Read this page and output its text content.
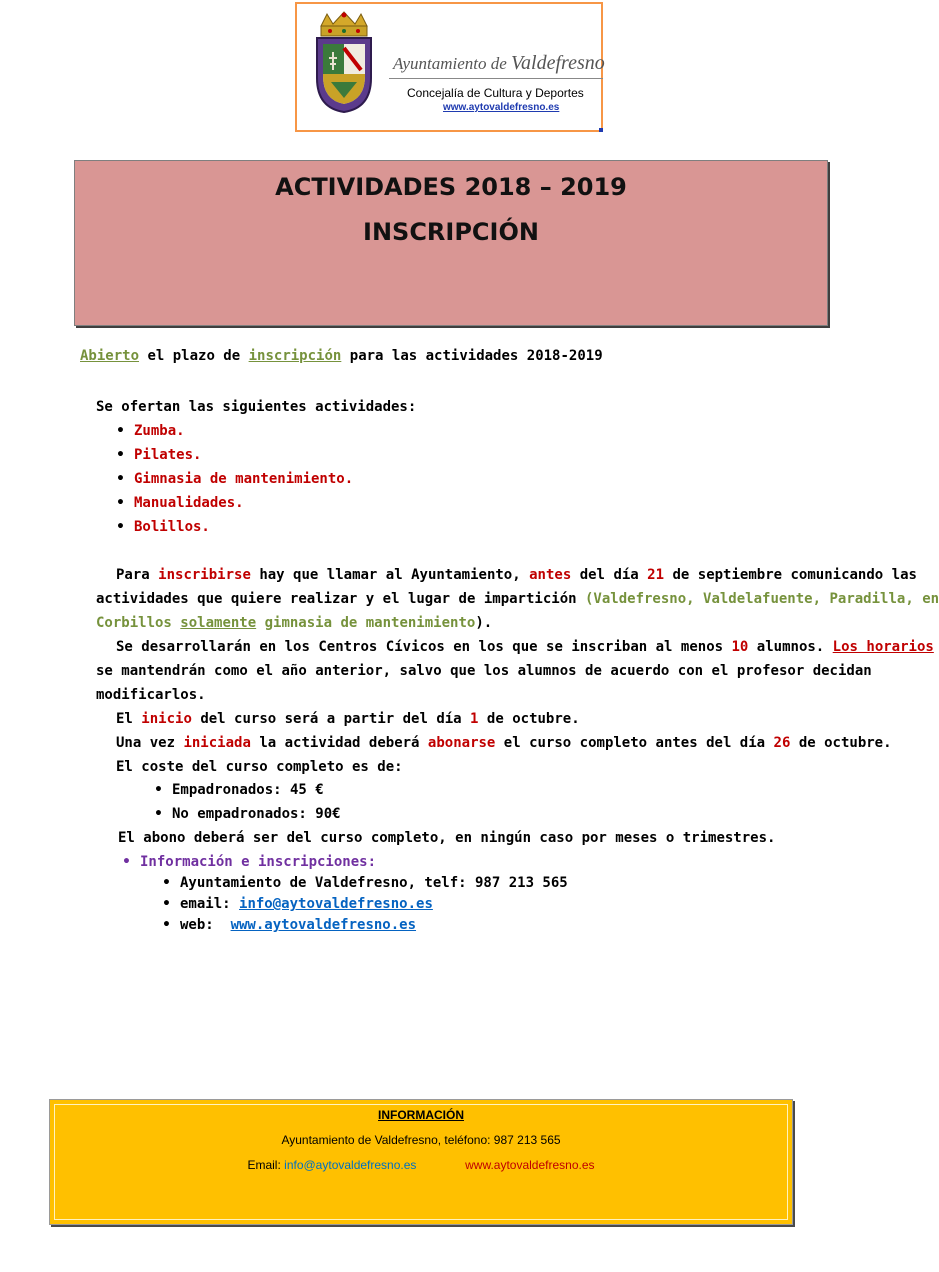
Ayuntamiento de Valdefresno
Concejalía de Cultura y Deportes
www.aytovaldefresno.es
ACTIVIDADES 2018 – 2019
INSCRIPCIÓN
Abierto el plazo de inscripción para las actividades 2018-2019
Se ofertan las siguientes actividades:
• Zumba.
• Pilates.
• Gimnasia de mantenimiento.
• Manualidades.
• Bolillos.
Para inscribirse hay que llamar al Ayuntamiento, antes del día 21 de septiembre comunicando las
actividades que quiere realizar y el lugar de impartición (Valdefresno, Valdelafuente, Paradilla, en
Corbillos solamente gimnasia de mantenimiento).
Se desarrollarán en los Centros Cívicos en los que se inscriban al menos 10 alumnos. Los horarios
se mantendrán como el año anterior, salvo que los alumnos de acuerdo con el profesor decidan
modificarlos.
El inicio del curso será a partir del día 1 de octubre.
Una vez iniciada la actividad deberá abonarse el curso completo antes del día 26 de octubre.
El coste del curso completo es de:
• Empadronados: 45 €
• No empadronados: 90€
El abono deberá ser del curso completo, en ningún caso por meses o trimestres.
• Información e inscripciones:
• Ayuntamiento de Valdefresno, telf: 987 213 565
• email: info@aytovaldefresno.es
• web: www.aytovaldefresno.es
INFORMACIÓN
Ayuntamiento de Valdefresno, teléfono: 987 213 565
Email: info@aytovaldefresno.es	www.aytovaldefresno.es
